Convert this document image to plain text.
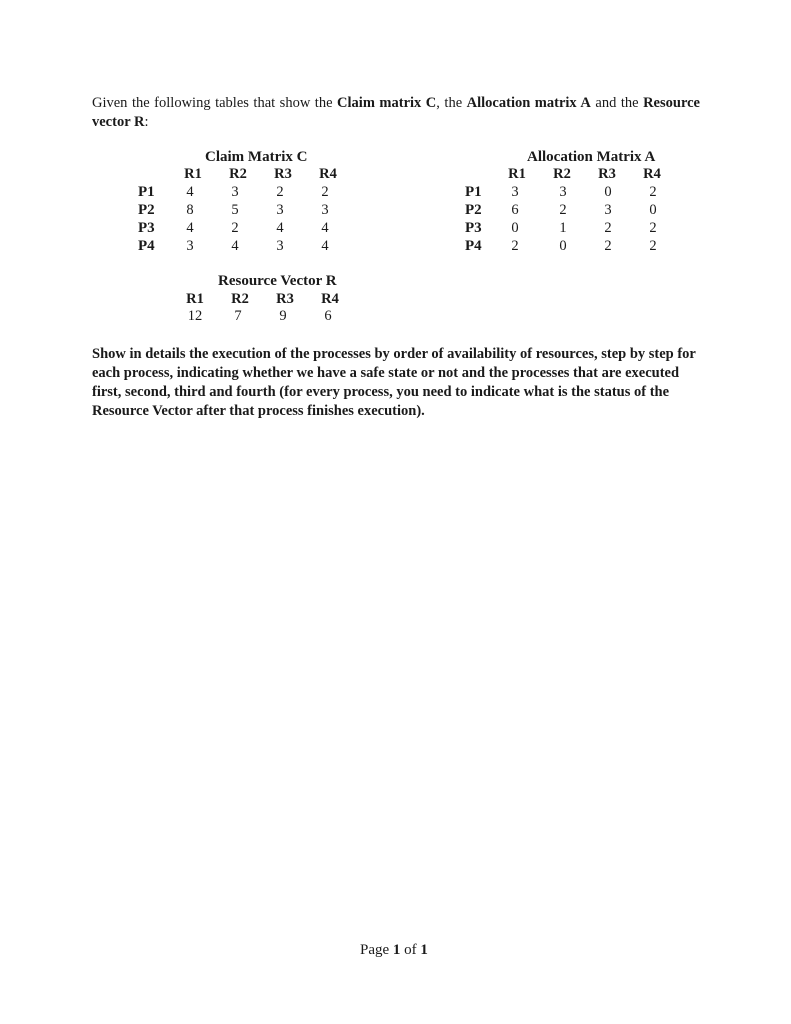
Given the following tables that show the Claim matrix C, the Allocation matrix A and the Resource vector R:
Claim Matrix C
R1	R2	R3	R4
P1	4	3	2	2
P2	8	5	3	3
P3	4	2	4	4
P4	3	4	3	4
Allocation Matrix A
R1	R2	R3	R4
P1	3	3	0	2
P2	6	2	3	0
P3	0	1	2	2
P4	2	0	2	2
Resource Vector R
R1	R2	R3	R4
12	7	9	6
Show in details the execution of the processes by order of availability of resources, step by step for each process, indicating whether we have a safe state or not and the processes that are executed first, second, third and fourth (for every process, you need to indicate what is the status of the Resource Vector after that process finishes execution).
Page 1 of 1
